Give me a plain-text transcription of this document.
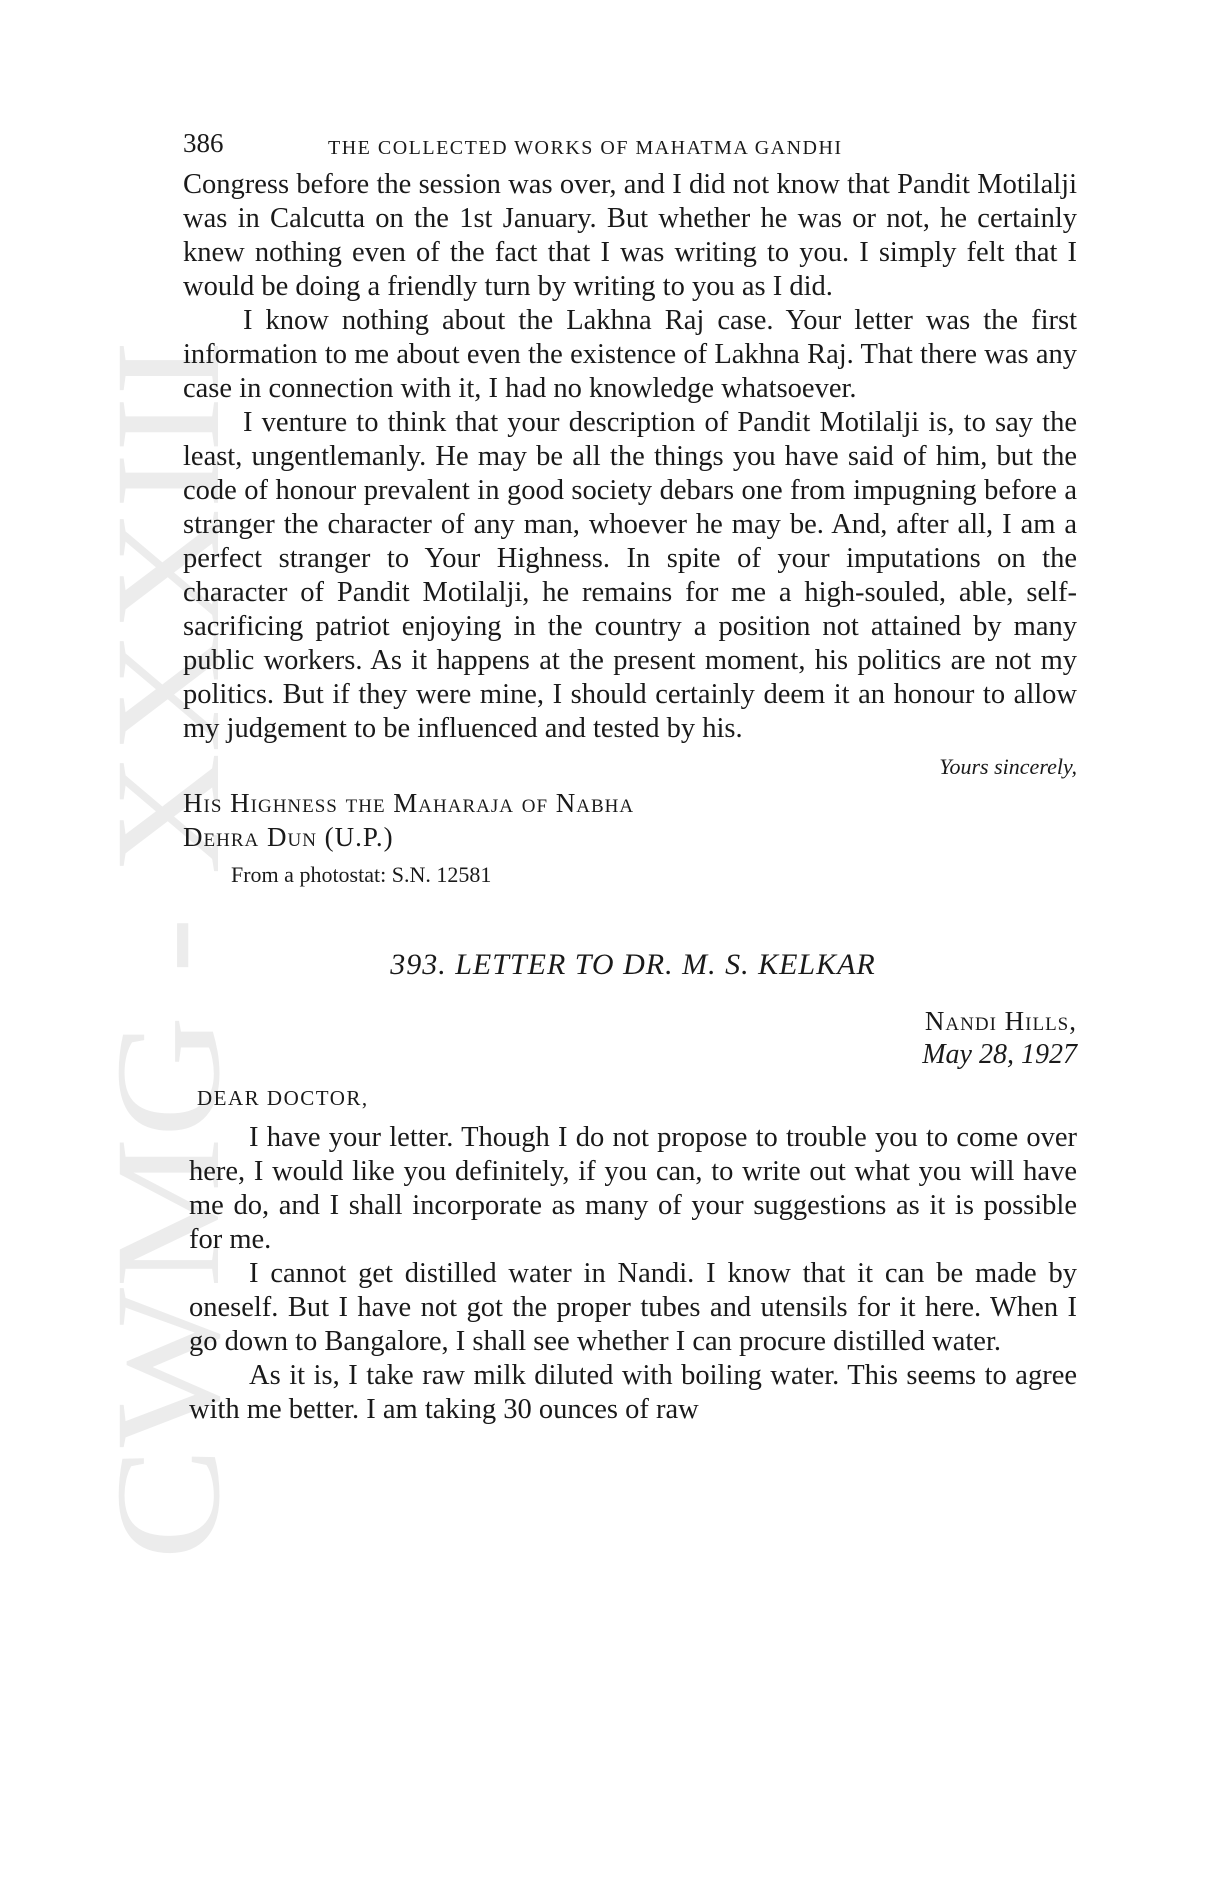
CWMG XXXIII
386	THE COLLECTED WORKS OF MAHATMA GANDHI

Congress before the session was over, and I did not know that Pandit Motilalji was in Calcutta on the 1st January. But whether he was or not, he certainly knew nothing even of the fact that I was writing to you. I simply felt that I would be doing a friendly turn by writing to you as I did.

I know nothing about the Lakhna Raj case. Your letter was the first information to me about even the existence of Lakhna Raj. That there was any case in connection with it, I had no knowledge whatsoever.

I venture to think that your description of Pandit Motilalji is, to say the least, ungentlemanly. He may be all the things you have said of him, but the code of honour prevalent in good society debars one from impugning before a stranger the character of any man, whoever he may be. And, after all, I am a perfect stranger to Your Highness. In spite of your imputations on the character of Pandit Motilalji, he remains for me a high-souled, able, self-sacrificing patriot enjoying in the country a position not attained by many public workers. As it happens at the present moment, his politics are not my politics. But if they were mine, I should certainly deem it an honour to allow my judgement to be influenced and tested by his.

Yours sincerely,
His Highness the Maharaja of Nabha
Dehra Dun (U.P.)
From a photostat: S.N. 12581
393. LETTER TO DR. M. S. KELKAR
Nandi Hills,
May 28, 1927
DEAR DOCTOR,

I have your letter. Though I do not propose to trouble you to come over here, I would like you definitely, if you can, to write out what you will have me do, and I shall incorporate as many of your suggestions as it is possible for me.

I cannot get distilled water in Nandi. I know that it can be made by oneself. But I have not got the proper tubes and utensils for it here. When I go down to Bangalore, I shall see whether I can procure distilled water.

As it is, I take raw milk diluted with boiling water. This seems to agree with me better. I am taking 30 ounces of raw
